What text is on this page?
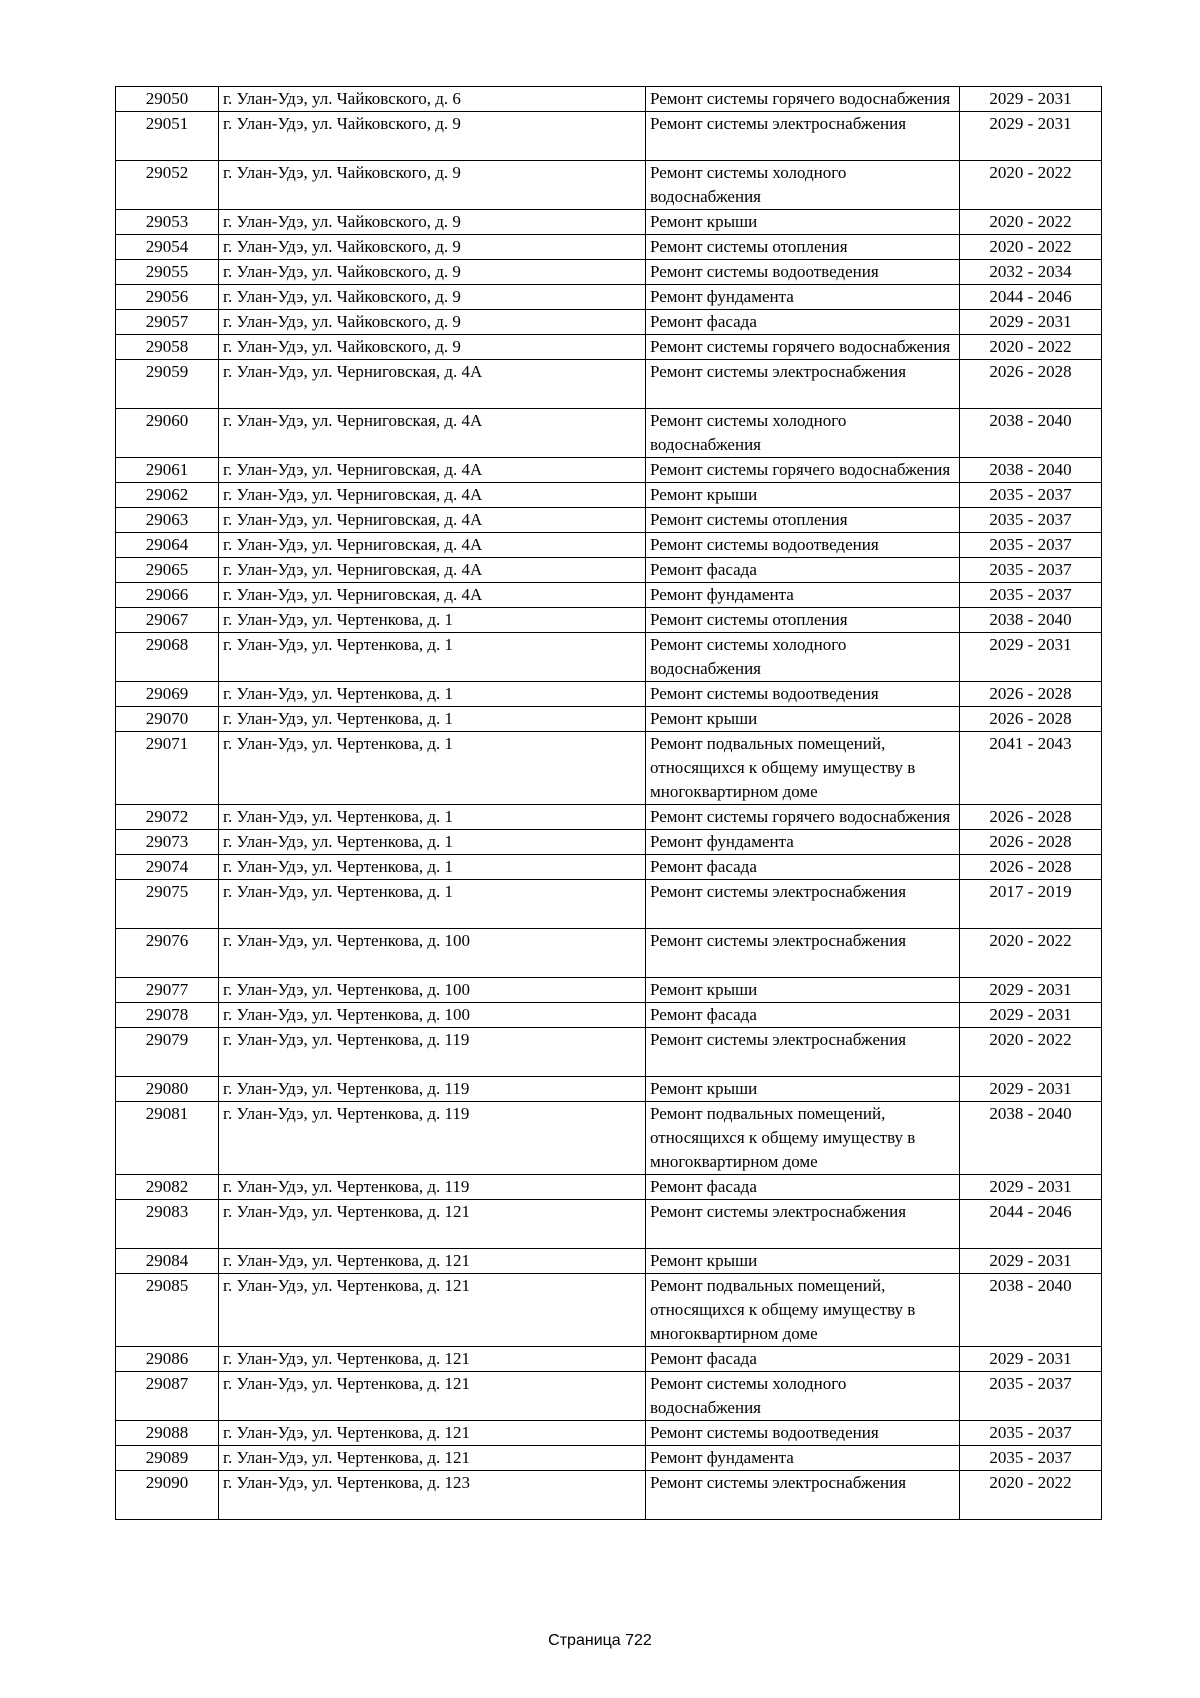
29050	г. Улан-Удэ, ул. Чайковского, д. 6	Ремонт системы горячего водоснабжения	2029 - 2031
29051	г. Улан-Удэ, ул. Чайковского, д. 9	Ремонт системы электроснабжения	2029 - 2031
29052	г. Улан-Удэ, ул. Чайковского, д. 9	Ремонт системы холодного водоснабжения	2020 - 2022
29053	г. Улан-Удэ, ул. Чайковского, д. 9	Ремонт крыши	2020 - 2022
29054	г. Улан-Удэ, ул. Чайковского, д. 9	Ремонт системы отопления	2020 - 2022
29055	г. Улан-Удэ, ул. Чайковского, д. 9	Ремонт системы водоотведения	2032 - 2034
29056	г. Улан-Удэ, ул. Чайковского, д. 9	Ремонт фундамента	2044 - 2046
29057	г. Улан-Удэ, ул. Чайковского, д. 9	Ремонт фасада	2029 - 2031
29058	г. Улан-Удэ, ул. Чайковского, д. 9	Ремонт системы горячего водоснабжения	2020 - 2022
29059	г. Улан-Удэ, ул. Черниговская, д. 4А	Ремонт системы электроснабжения	2026 - 2028
29060	г. Улан-Удэ, ул. Черниговская, д. 4А	Ремонт системы холодного водоснабжения	2038 - 2040
29061	г. Улан-Удэ, ул. Черниговская, д. 4А	Ремонт системы горячего водоснабжения	2038 - 2040
29062	г. Улан-Удэ, ул. Черниговская, д. 4А	Ремонт крыши	2035 - 2037
29063	г. Улан-Удэ, ул. Черниговская, д. 4А	Ремонт системы отопления	2035 - 2037
29064	г. Улан-Удэ, ул. Черниговская, д. 4А	Ремонт системы водоотведения	2035 - 2037
29065	г. Улан-Удэ, ул. Черниговская, д. 4А	Ремонт фасада	2035 - 2037
29066	г. Улан-Удэ, ул. Черниговская, д. 4А	Ремонт фундамента	2035 - 2037
29067	г. Улан-Удэ, ул. Чертенкова, д. 1	Ремонт системы отопления	2038 - 2040
29068	г. Улан-Удэ, ул. Чертенкова, д. 1	Ремонт системы холодного водоснабжения	2029 - 2031
29069	г. Улан-Удэ, ул. Чертенкова, д. 1	Ремонт системы водоотведения	2026 - 2028
29070	г. Улан-Удэ, ул. Чертенкова, д. 1	Ремонт крыши	2026 - 2028
29071	г. Улан-Удэ, ул. Чертенкова, д. 1	Ремонт подвальных помещений, относящихся к общему имуществу в многоквартирном доме	2041 - 2043
29072	г. Улан-Удэ, ул. Чертенкова, д. 1	Ремонт системы горячего водоснабжения	2026 - 2028
29073	г. Улан-Удэ, ул. Чертенкова, д. 1	Ремонт фундамента	2026 - 2028
29074	г. Улан-Удэ, ул. Чертенкова, д. 1	Ремонт фасада	2026 - 2028
29075	г. Улан-Удэ, ул. Чертенкова, д. 1	Ремонт системы электроснабжения	2017 - 2019
29076	г. Улан-Удэ, ул. Чертенкова, д. 100	Ремонт системы электроснабжения	2020 - 2022
29077	г. Улан-Удэ, ул. Чертенкова, д. 100	Ремонт крыши	2029 - 2031
29078	г. Улан-Удэ, ул. Чертенкова, д. 100	Ремонт фасада	2029 - 2031
29079	г. Улан-Удэ, ул. Чертенкова, д. 119	Ремонт системы электроснабжения	2020 - 2022
29080	г. Улан-Удэ, ул. Чертенкова, д. 119	Ремонт крыши	2029 - 2031
29081	г. Улан-Удэ, ул. Чертенкова, д. 119	Ремонт подвальных помещений, относящихся к общему имуществу в многоквартирном доме	2038 - 2040
29082	г. Улан-Удэ, ул. Чертенкова, д. 119	Ремонт фасада	2029 - 2031
29083	г. Улан-Удэ, ул. Чертенкова, д. 121	Ремонт системы электроснабжения	2044 - 2046
29084	г. Улан-Удэ, ул. Чертенкова, д. 121	Ремонт крыши	2029 - 2031
29085	г. Улан-Удэ, ул. Чертенкова, д. 121	Ремонт подвальных помещений, относящихся к общему имуществу в многоквартирном доме	2038 - 2040
29086	г. Улан-Удэ, ул. Чертенкова, д. 121	Ремонт фасада	2029 - 2031
29087	г. Улан-Удэ, ул. Чертенкова, д. 121	Ремонт системы холодного водоснабжения	2035 - 2037
29088	г. Улан-Удэ, ул. Чертенкова, д. 121	Ремонт системы водоотведения	2035 - 2037
29089	г. Улан-Удэ, ул. Чертенкова, д. 121	Ремонт фундамента	2035 - 2037
29090	г. Улан-Удэ, ул. Чертенкова, д. 123	Ремонт системы электроснабжения	2020 - 2022
Страница 722
